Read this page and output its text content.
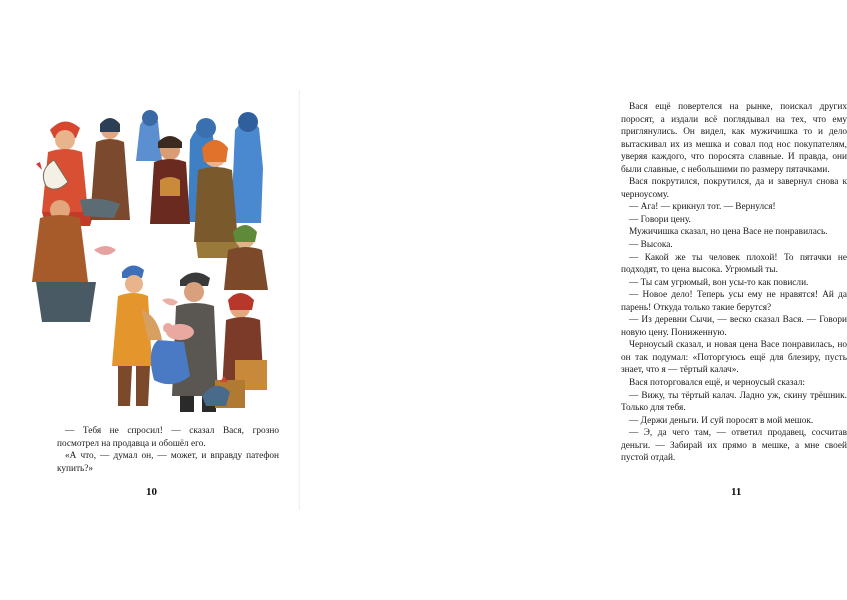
— Тебя не спросил! — сказал Вася, грозно посмотрел на продавца и обошёл его.

«А что, — думал он, — может, и вправду патефон купить?»

10

Вася ещё повертелся на рынке, поискал других поросят, а издали всё поглядывал на тех, что ему приглянулись. Он видел, как мужичишка то и дело вытаскивал их из мешка и совал под нос покупателям, уверяя каждого, что поросята славные. И правда, они были славные, с небольшими по размеру пятачками.

Вася покрутился, покрутился, да и завернул снова к черноусому.

— Ага! — крикнул тот. — Вернулся!

— Говори цену.

Мужичишка сказал, но цена Васе не понравилась.

— Высока.

— Какой же ты человек плохой! То пятачки не подходят, то цена высока. Угрюмый ты.

— Ты сам угрюмый, вон усы-то как повисли.

— Новое дело! Теперь усы ему не нравятся! Ай да парень! Откуда только такие берутся?

— Из деревни Сычи, — веско сказал Вася. — Говори новую цену. Пониженную.

Черноусый сказал, и новая цена Васе понравилась, но он так подумал: «Поторгуюсь ещё для блезиру, пусть знает, что я — тёртый калач».

Вася поторговался ещё, и черноусый сказал:

— Вижу, ты тёртый калач. Ладно уж, скину трёшник. Только для тебя.

— Держи деньги. И суй поросят в мой мешок.

— Э, да чего там, — ответил продавец, сосчитав деньги. — Забирай их прямо в мешке, а мне своей пустой отдай.

11
